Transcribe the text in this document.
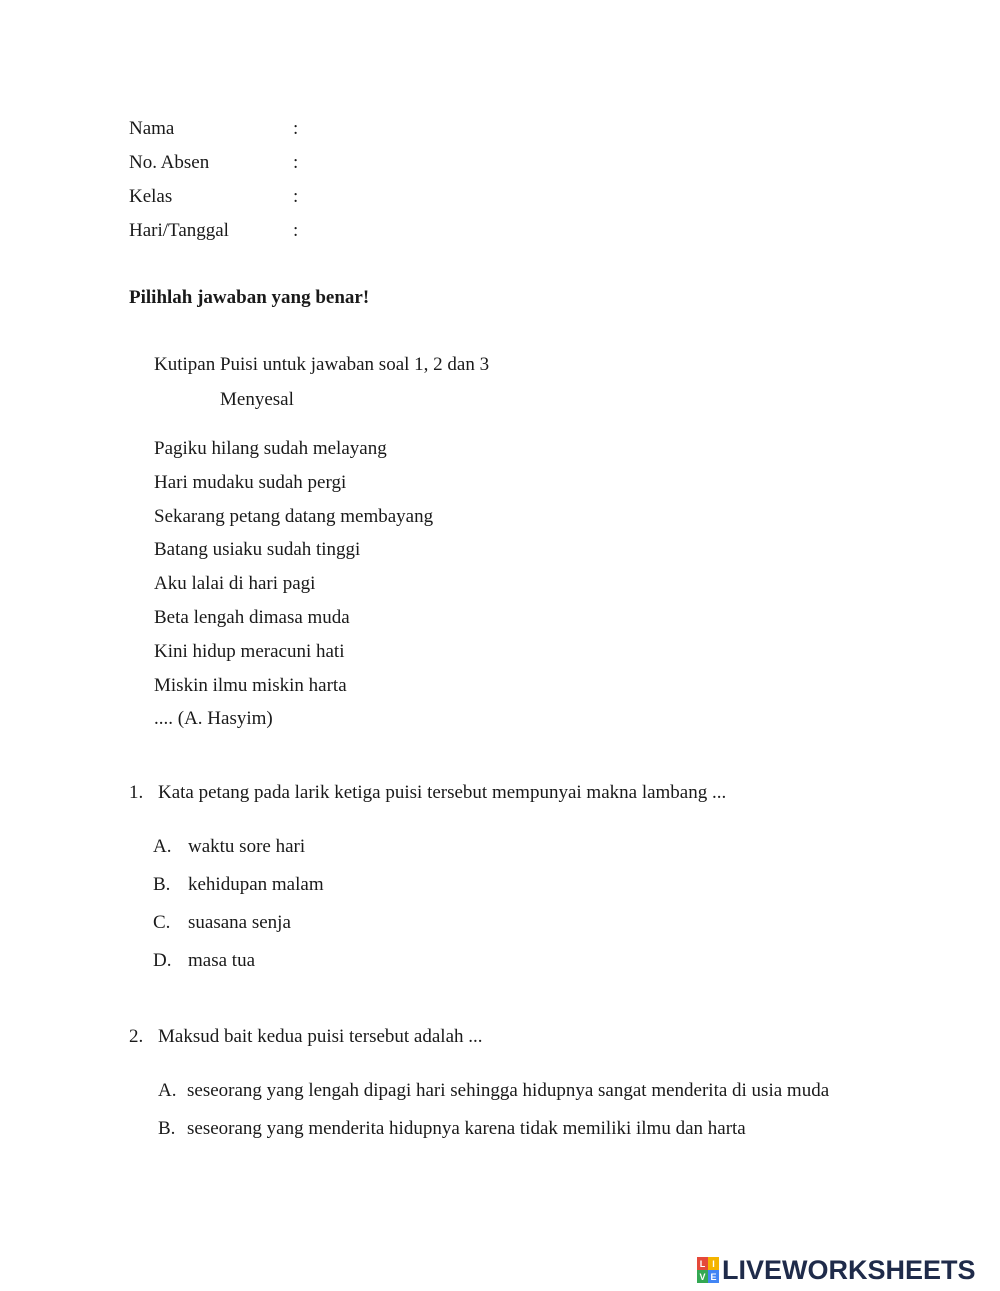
Nama	:
No. Absen	:
Kelas	:
Hari/Tanggal	:
Pilihlah jawaban yang benar!
Kutipan Puisi untuk jawaban soal 1, 2 dan 3
Menyesal
Pagiku hilang sudah melayang
Hari mudaku sudah pergi
Sekarang petang datang membayang
Batang usiaku sudah tinggi
Aku lalai di hari pagi
Beta lengah dimasa muda
Kini hidup meracuni hati
Miskin ilmu miskin harta
.... (A. Hasyim)
1. Kata petang pada larik ketiga puisi tersebut mempunyai makna lambang ...
A. waktu sore hari
B. kehidupan malam
C. suasana senja
D. masa tua
2. Maksud bait kedua puisi tersebut adalah ...
A. seseorang yang lengah dipagi hari sehingga hidupnya sangat menderita di usia muda
B. seseorang yang menderita hidupnya karena tidak memiliki ilmu dan harta
L I
V E LIVEWORKSHEETS
